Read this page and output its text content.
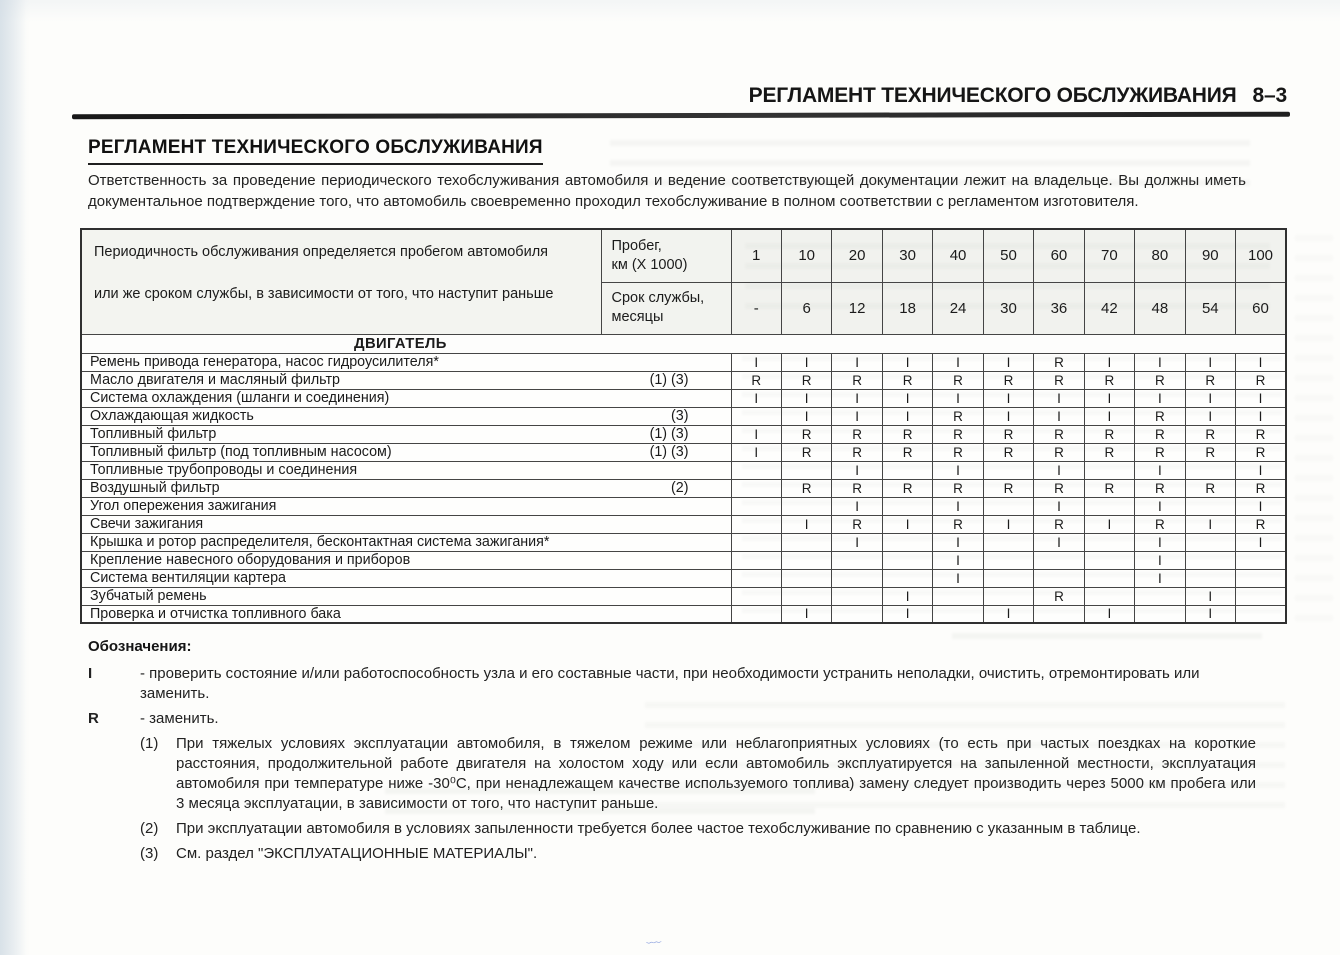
РЕГЛАМЕНТ ТЕХНИЧЕСКОГО ОБСЛУЖИВАНИЯ 8–3
РЕГЛАМЕНТ ТЕХНИЧЕСКОГО ОБСЛУЖИВАНИЯ
Ответственность за проведение периодического техобслуживания автомобиля и ведение соответствующей документации лежит на владельце. Вы должны иметь документальное подтверждение того, что автомобиль своевременно проходил техобслуживание в полном соответствии с регламентом изготовителя.
Периодичность обслуживания определяется пробегом автомобиля
или же сроком службы, в зависимости от того, что наступит раньше

Пробег,
км (X 1000)
	1	10	20	30	40	50	60	70	80	90	100

	Срок службы,
месяцы	-	6	12	18	24	30	36	42	48	54	60
ДВИГАТЕЛЬ												
Ремень привода генератора, насос гидроусилителя*		I	I	I	I	I	I	R	I	I	I	I
Масло двигателя и масляный фильтр (1) (3)		R	R	R	R	R	R	R	R	R	R	R
Система охлаждения (шланги и соединения)		I	I	I	I	I	I	I	I	I	I	I
Охлаждающая жидкость (3)			I	I	I	R	I	I	I	R	I	I
Топливный фильтр (1) (3)		I	R	R	R	R	R	R	R	R	R	R
Топливный фильтр (под топливным насосом) (1) (3)		I	R	R	R	R	R	R	R	R	R	R
Топливные трубопроводы и соединения				I		I		I		I		I
Воздушный фильтр (2)			R	R	R	R	R	R	R	R	R	R
Угол опережения зажигания				I		I		I		I		I
Свечи зажигания			I	R	I	R	I	R	I	R	I	R
Крышка и ротор распределителя, бесконтактная система зажигания*				I		I		I		I		I
Крепление навесного оборудования и приборов						I				I		
Система вентиляции картера						I				I		
Зубчатый ремень					I			R			I	
Проверка и отчистка топливного бака			I		I		I		I		I	
Обозначения:
I	- проверить состояние и/или работоспособность узла и его составные части, при необходимости устранить неполадки, очистить, отремонтировать или заменить.
R	- заменить.
(1)	При тяжелых условиях эксплуатации автомобиля, в тяжелом режиме или неблагоприятных условиях (то есть при частых поездках на короткие расстояния, продолжительной работе двигателя на холостом ходу или если автомобиль эксплуатируется на запыленной местности, эксплуатация автомобиля при температуре ниже -30⁰С, при ненадлежащем качестве используемого топлива) замену следует производить через 5000 км пробега или 3 месяца эксплуатации, в зависимости от того, что наступит раньше.
(2)	При эксплуатации автомобиля в условиях запыленности требуется более частое техобслуживание по сравнению с указанным в таблице.
(3)	См. раздел "ЭКСПЛУАТАЦИОННЫЕ МАТЕРИАЛЫ".
﹏
